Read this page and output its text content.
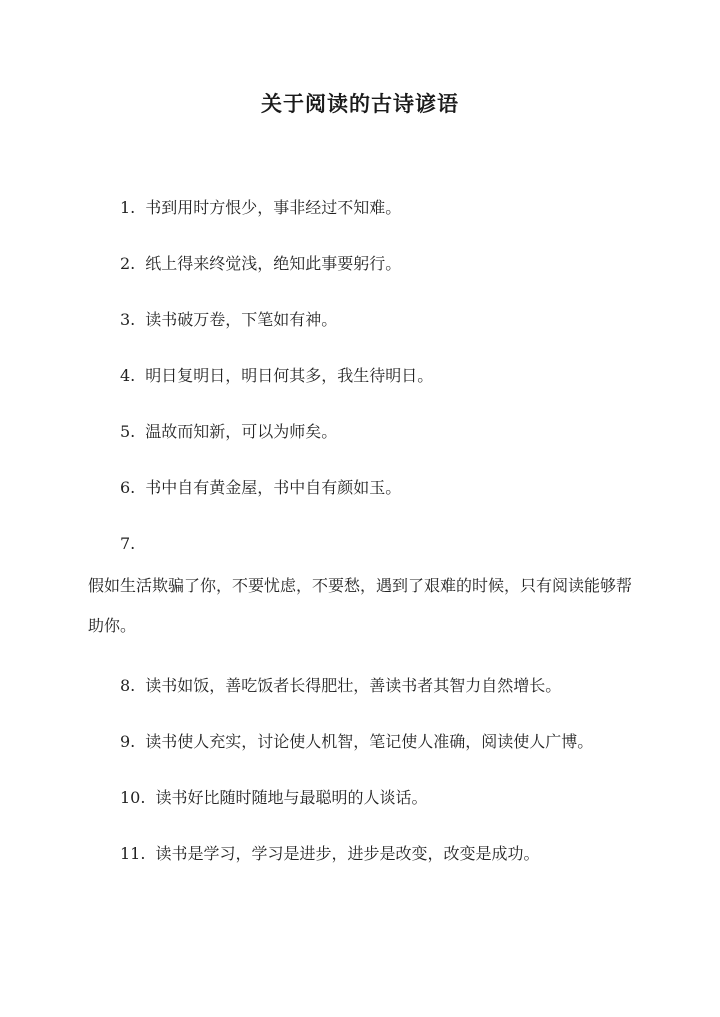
关于阅读的古诗谚语
1. 书到用时方恨少，事非经过不知难。
2. 纸上得来终觉浅，绝知此事要躬行。
3. 读书破万卷，下笔如有神。
4. 明日复明日，明日何其多，我生待明日。
5. 温故而知新，可以为师矣。
6. 书中自有黄金屋，书中自有颜如玉。
7.
假如生活欺骗了你，不要忧虑，不要愁，遇到了艰难的时候，只有阅读能够帮助你。
8. 读书如饭，善吃饭者长得肥壮，善读书者其智力自然增长。
9. 读书使人充实，讨论使人机智，笔记使人准确，阅读使人广博。
10. 读书好比随时随地与最聪明的人谈话。
11. 读书是学习，学习是进步，进步是改变，改变是成功。
